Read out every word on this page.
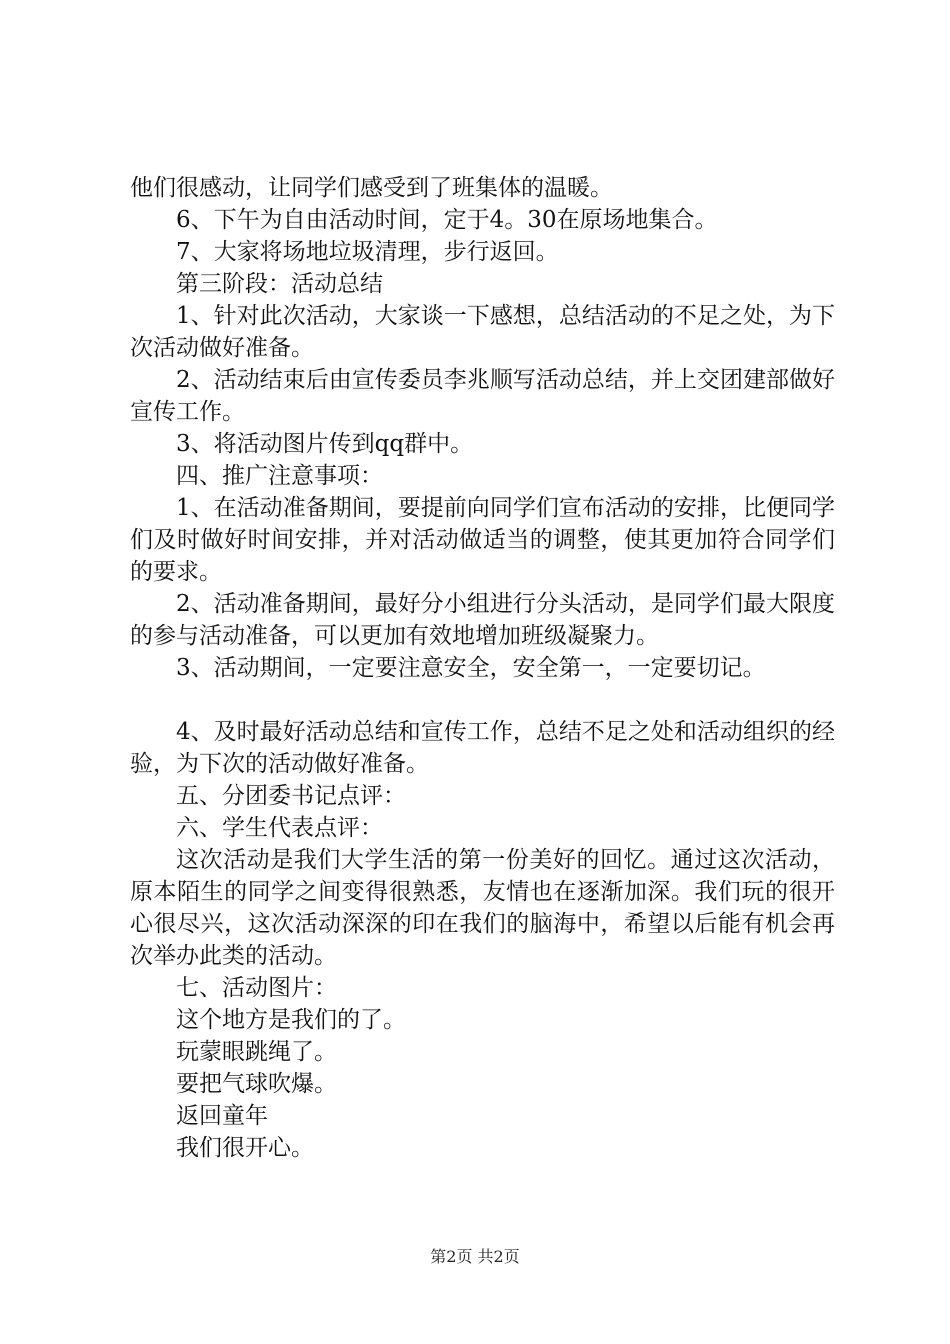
他们很感动，让同学们感受到了班集体的温暖。

6、下午为自由活动时间，定于4。30在原场地集合。

7、大家将场地垃圾清理，步行返回。

第三阶段：活动总结

1、针对此次活动，大家谈一下感想，总结活动的不足之处，为下次活动做好准备。

2、活动结束后由宣传委员李兆顺写活动总结，并上交团建部做好宣传工作。

3、将活动图片传到qq群中。

四、推广注意事项：

1、在活动准备期间，要提前向同学们宣布活动的安排，比便同学们及时做好时间安排，并对活动做适当的调整，使其更加符合同学们的要求。

2、活动准备期间，最好分小组进行分头活动，是同学们最大限度的参与活动准备，可以更加有效地增加班级凝聚力。

3、活动期间，一定要注意安全，安全第一，一定要切记。

4、及时最好活动总结和宣传工作，总结不足之处和活动组织的经验，为下次的活动做好准备。

五、分团委书记点评：

六、学生代表点评：

这次活动是我们大学生活的第一份美好的回忆。通过这次活动，原本陌生的同学之间变得很熟悉，友情也在逐渐加深。我们玩的很开心很尽兴，这次活动深深的印在我们的脑海中，希望以后能有机会再次举办此类的活动。

七、活动图片：

这个地方是我们的了。

玩蒙眼跳绳了。

要把气球吹爆。

返回童年

我们很开心。

第2页 共2页
